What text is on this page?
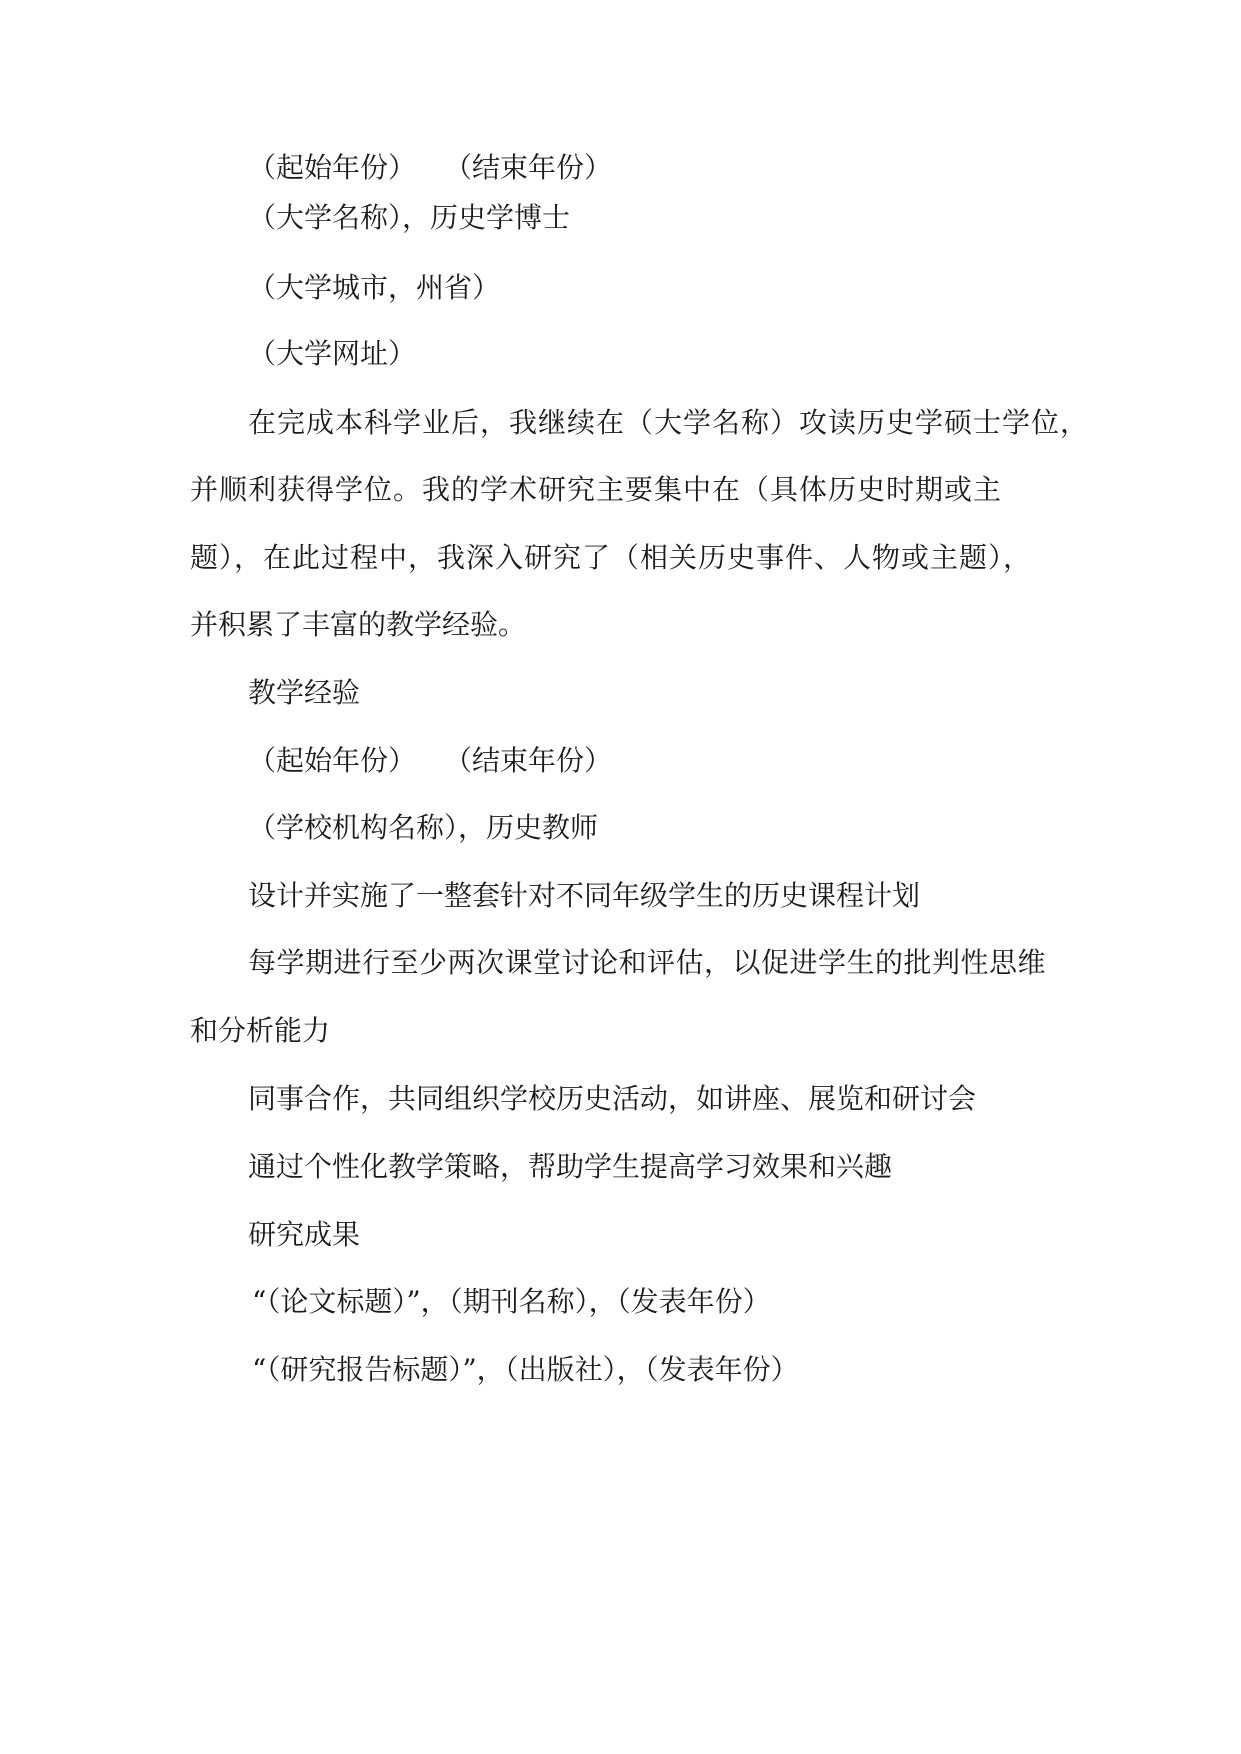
（起始年份）　　（结束年份）
（大学名称），历史学博士
（大学城市，州省）
（大学网址）
在完成本科学业后，我继续在（大学名称）攻读历史学硕士学位，
并顺利获得学位。我的学术研究主要集中在（具体历史时期或主
题），在此过程中，我深入研究了（相关历史事件、人物或主题），
并积累了丰富的教学经验。
教学经验
（起始年份）　　（结束年份）
（学校机构名称），历史教师
设计并实施了一整套针对不同年级学生的历史课程计划
每学期进行至少两次课堂讨论和评估，以促进学生的批判性思维
和分析能力
同事合作，共同组织学校历史活动，如讲座、展览和研讨会
通过个性化教学策略，帮助学生提高学习效果和兴趣
研究成果
“（论文标题）”，（期刊名称），（发表年份）
“（研究报告标题）”，（出版社），（发表年份）
